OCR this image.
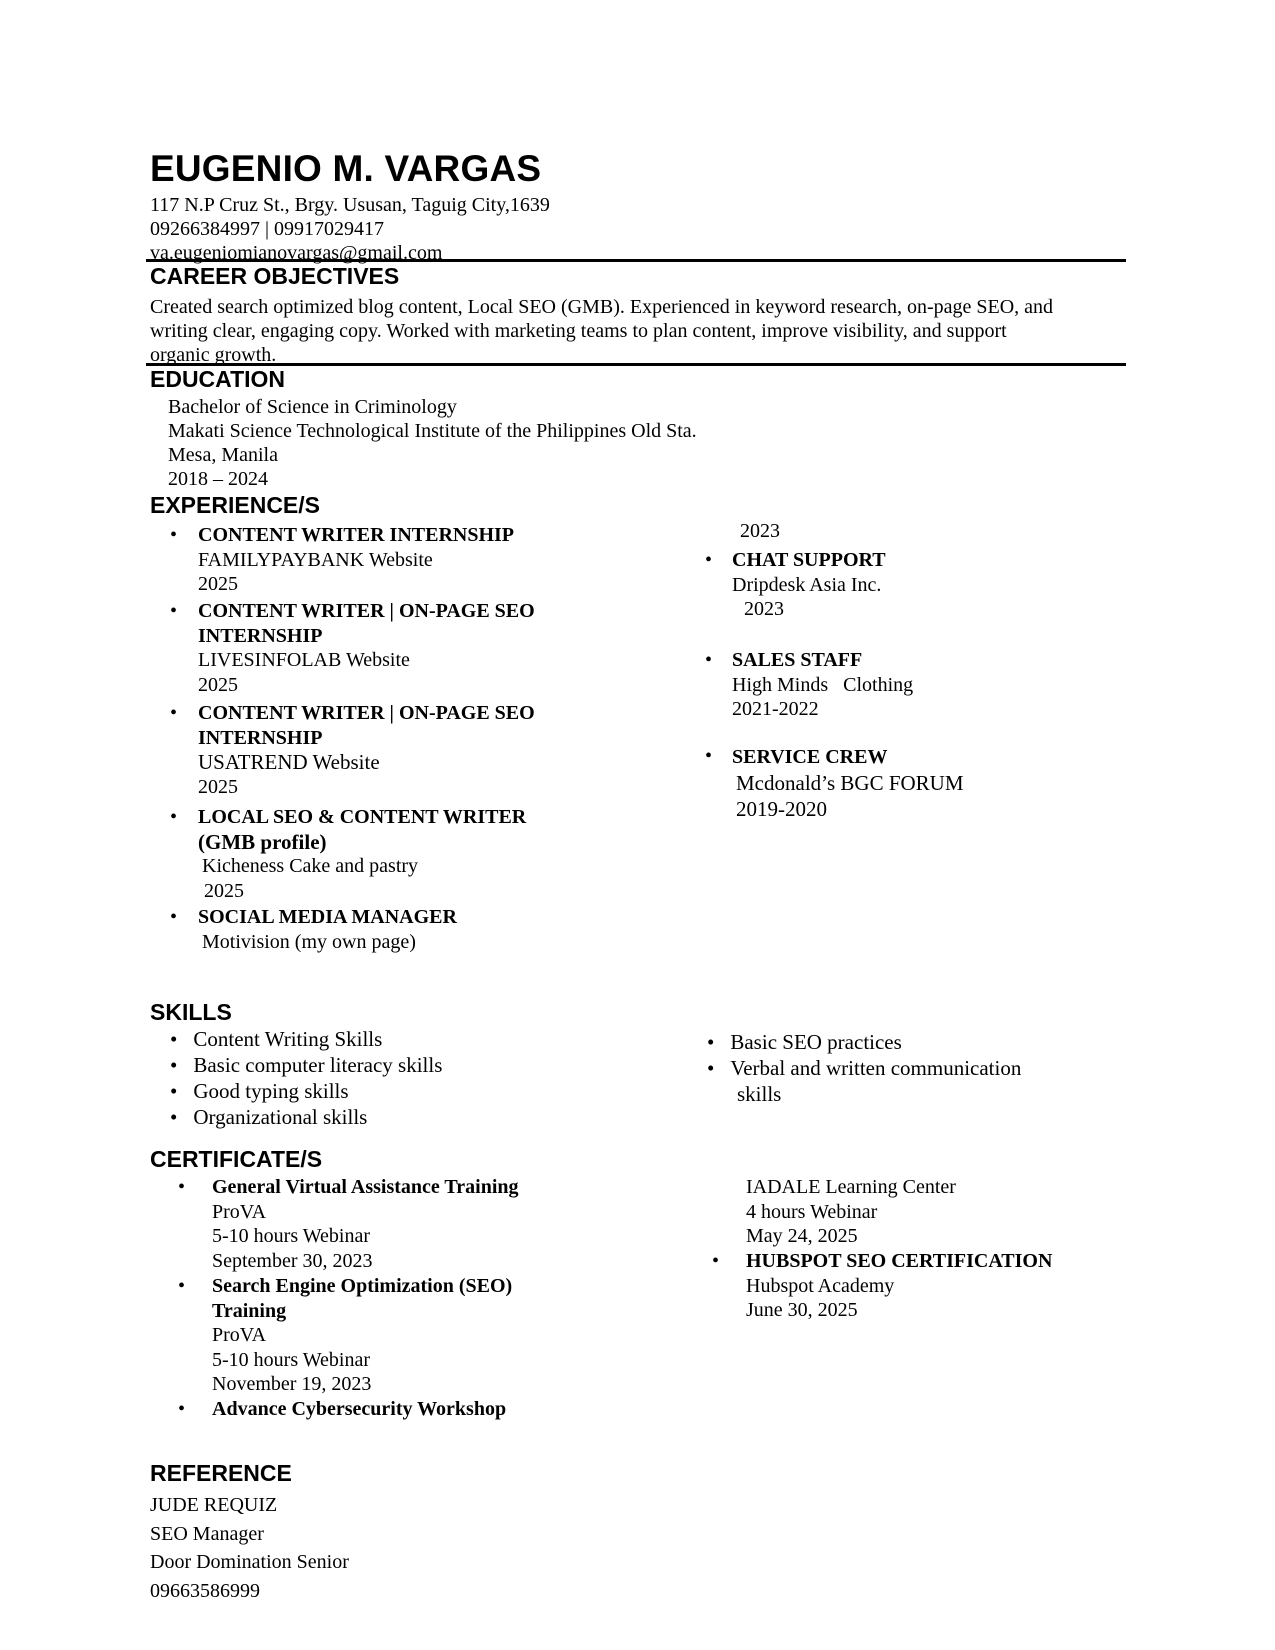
EUGENIO M. VARGAS
117 N.P Cruz St., Brgy. Ususan, Taguig City,1639
09266384997 | 09917029417
va.eugeniomianovargas@gmail.com
CAREER OBJECTIVES
Created search optimized blog content, Local SEO (GMB). Experienced in keyword research, on-page SEO, and
writing clear, engaging copy. Worked with marketing teams to plan content, improve visibility, and support
organic growth.
EDUCATION
Bachelor of Science in Criminology
Makati Science Technological Institute of the Philippines Old Sta.
Mesa, Manila
2018 – 2024
EXPERIENCE/S
• CONTENT WRITER INTERNSHIP
FAMILYPAYBANK Website
2025
• CONTENT WRITER | ON-PAGE SEO
INTERNSHIP
LIVESINFOLAB Website
2025
• CONTENT WRITER | ON-PAGE SEO
INTERNSHIP
USATREND Website
2025
• LOCAL SEO & CONTENT WRITER
(GMB profile)
Kicheness Cake and pastry
2025
• SOCIAL MEDIA MANAGER
Motivision (my own page)
2023
• CHAT SUPPORT
Dripdesk Asia Inc.
2023
• SALES STAFF
High Minds   Clothing
2021-2022
• SERVICE CREW
Mcdonald’s BGC FORUM
2019-2020
SKILLS
• Content Writing Skills
• Basic computer literacy skills
• Good typing skills
• Organizational skills
• Basic SEO practices
• Verbal and written communication
skills
CERTIFICATE/S
• General Virtual Assistance Training
ProVA
5-10 hours Webinar
September 30, 2023
• Search Engine Optimization (SEO)
Training
ProVA
5-10 hours Webinar
November 19, 2023
• Advance Cybersecurity Workshop
IADALE Learning Center
4 hours Webinar
May 24, 2025
• HUBSPOT SEO CERTIFICATION
Hubspot Academy
June 30, 2025
REFERENCE
JUDE REQUIZ
SEO Manager
Door Domination Senior
09663586999
